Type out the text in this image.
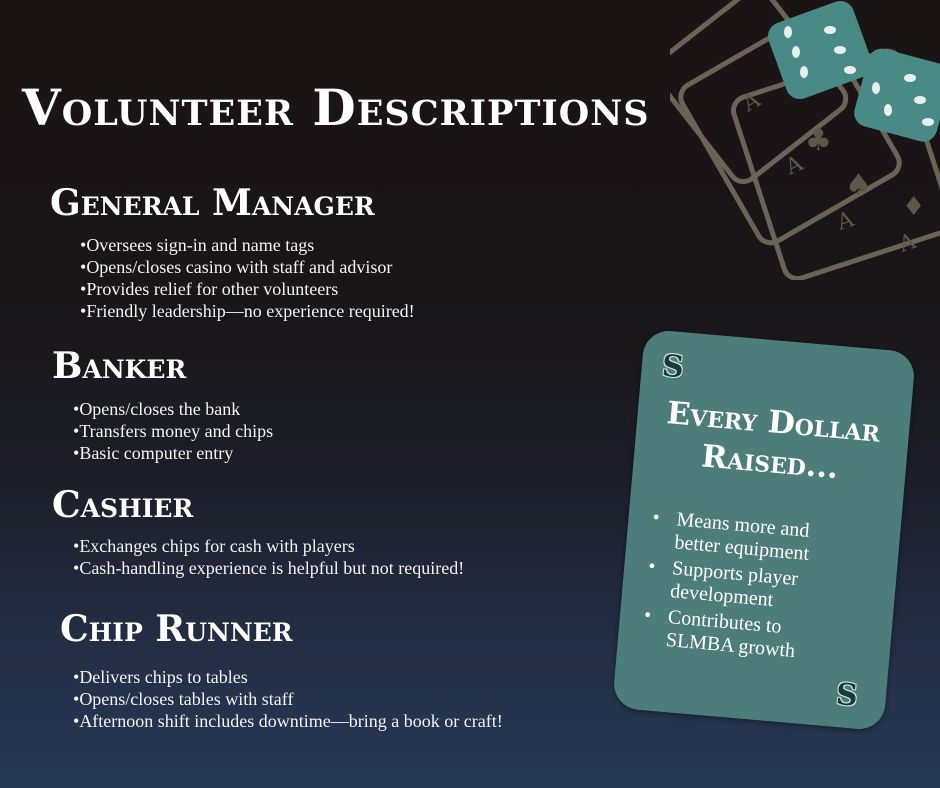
A
A
A
A
♣
♠
♦
Volunteer Descriptions
General Manager
• Oversees sign-in and name tags
• Opens/closes casino with staff and advisor
• Provides relief for other volunteers
• Friendly leadership—no experience required!
Banker
• Opens/closes the bank
• Transfers money and chips
• Basic computer entry
Cashier
• Exchanges chips for cash with players
• Cash-handling experience is helpful but not required!
Chip Runner
• Delivers chips to tables
• Opens/closes tables with staff
• Afternoon shift includes downtime—bring a book or craft!
S
Every Dollar
Raised...
• Means more and better equipment
• Supports player development
• Contributes to SLMBA growth
S
